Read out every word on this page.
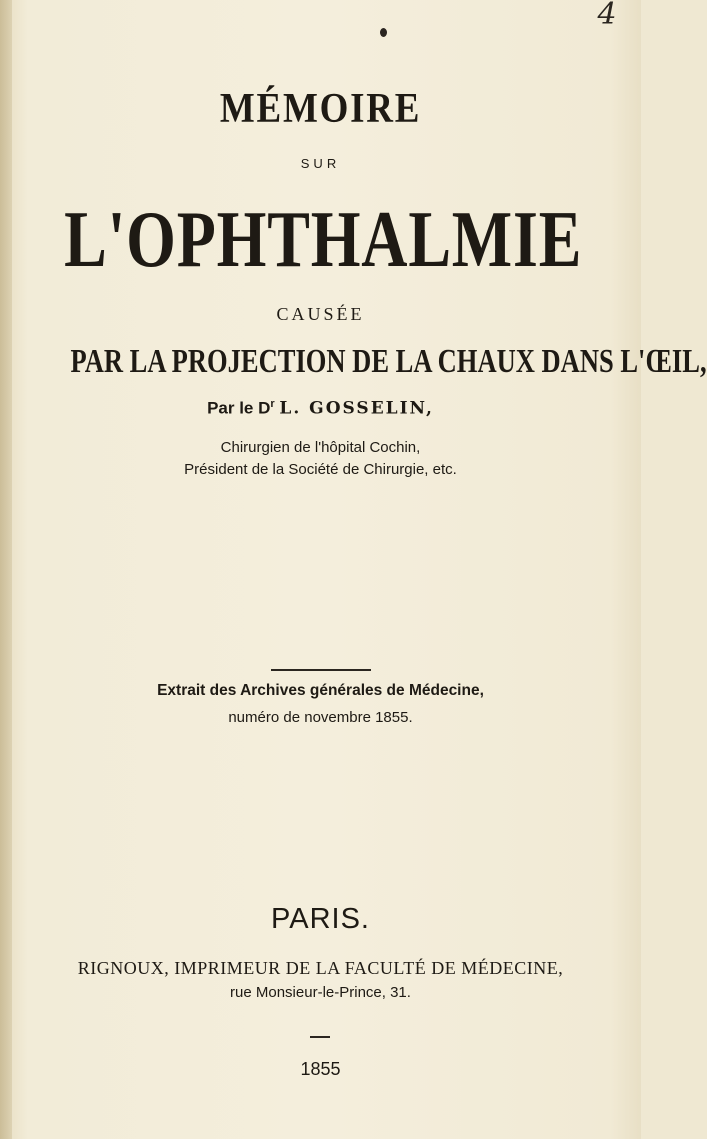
4
MÉMOIRE
SUR
L'OPHTHALMIE
CAUSÉE
PAR LA PROJECTION DE LA CHAUX DANS L'ŒIL,
Par le $D^r$ L. GOSSELIN,
Chirurgien de l'hôpital Cochin,
Président de la Société de Chirurgie, etc.
Extrait des Archives générales de Médecine,
numéro de novembre 1855.
PARIS.
RIGNOUX, IMPRIMEUR DE LA FACULTÉ DE MÉDECINE,
rue Monsieur-le-Prince, 31.
1855
